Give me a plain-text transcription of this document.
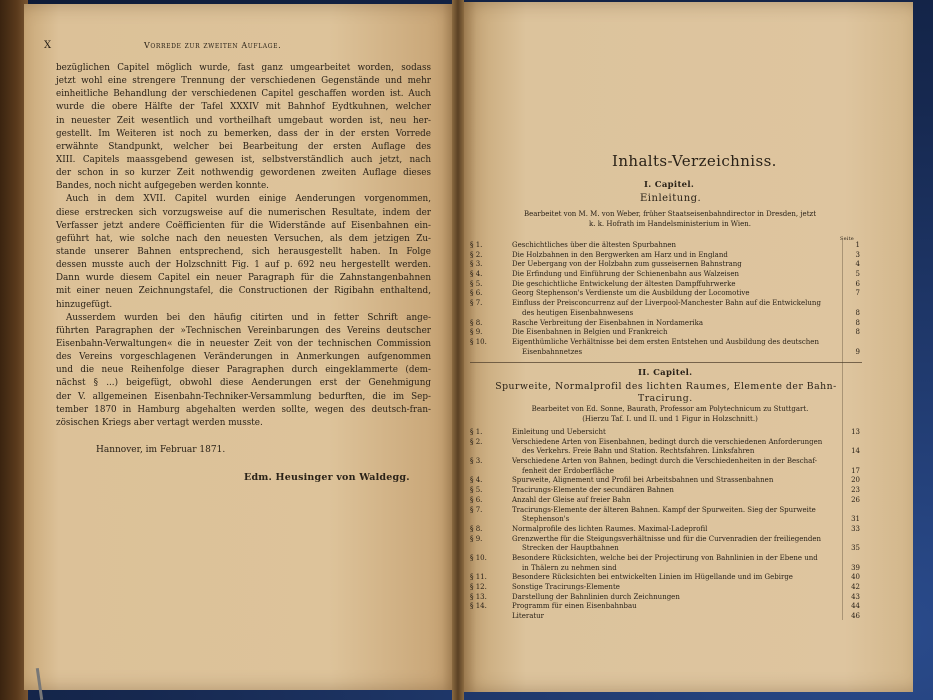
X	Vorrede zur zweiten Auflage.
bezüglichen Capitel möglich wurde, fast ganz umgearbeitet worden, sodass
jetzt wohl eine strengere Trennung der verschiedenen Gegenstände und mehr
einheitliche Behandlung der verschiedenen Capitel geschaffen worden ist. Auch
wurde die obere Hälfte der Tafel XXXIV mit Bahnhof Eydtkuhnen, welcher
in neuester Zeit wesentlich und vortheilhaft umgebaut worden ist, neu her-
gestellt. Im Weiteren ist noch zu bemerken, dass der in der ersten Vorrede
erwähnte Standpunkt, welcher bei Bearbeitung der ersten Auflage des
XIII. Capitels maassgebend gewesen ist, selbstverständlich auch jetzt, nach
der schon in so kurzer Zeit nothwendig gewordenen zweiten Auflage dieses
Bandes, noch nicht aufgegeben werden konnte.
Auch in dem XVII. Capitel wurden einige Aenderungen vorgenommen,
diese erstrecken sich vorzugsweise auf die numerischen Resultate, indem der
Verfasser jetzt andere Coëfficienten für die Widerstände auf Eisenbahnen ein-
geführt hat, wie solche nach den neuesten Versuchen, als dem jetzigen Zu-
stande unserer Bahnen entsprechend, sich herausgestellt haben. In Folge
dessen musste auch der Holzschnitt Fig. 1 auf p. 692 neu hergestellt werden.
Dann wurde diesem Capitel ein neuer Paragraph für die Zahnstangenbahnen
mit einer neuen Zeichnungstafel, die Constructionen der Rigibahn enthaltend,
hinzugefügt.
Ausserdem wurden bei den häufig citirten und in fetter Schrift ange-
führten Paragraphen der »Technischen Vereinbarungen des Vereins deutscher
Eisenbahn-Verwaltungen« die in neuester Zeit von der technischen Commission
des Vereins vorgeschlagenen Veränderungen in Anmerkungen aufgenommen
und die neue Reihenfolge dieser Paragraphen durch eingeklammerte (dem-
nächst § ...) beigefügt, obwohl diese Aenderungen erst der Genehmigung
der V. allgemeinen Eisenbahn-Techniker-Versammlung bedurften, die im Sep-
tember 1870 in Hamburg abgehalten werden sollte, wegen des deutsch-fran-
zösischen Kriegs aber vertagt werden musste.
Hannover, im Februar 1871.
Edm. Heusinger von Waldegg.
Inhalts-Verzeichniss.
I. Capitel.
Einleitung.
Bearbeitet von M. M. von Weber, früher Staatseisenbahndirector in Dresden, jetzt
k. k. Hofrath im Handelsministerium in Wien.
Seite
§ 1.	Geschichtliches über die ältesten Spurbahnen	1
§ 2.	Die Holzbahnen in den Bergwerken am Harz und in England	3
§ 3.	Der Uebergang von der Holzbahn zum gusseisernen Bahnstrang	4
§ 4.	Die Erfindung und Einführung der Schienenbahn aus Walzeisen	5
§ 5.	Die geschichtliche Entwickelung der ältesten Dampffuhrwerke	6
§ 6.	Georg Stephenson's Verdienste um die Ausbildung der Locomotive	7
§ 7.	Einfluss der Preisconcurrenz auf der Liverpool-Manchester Bahn auf die Entwickelung
des heutigen Eisenbahnwesens	8
§ 8.	Rasche Verbreitung der Eisenbahnen in Nordamerika	8
§ 9.	Die Eisenbahnen in Belgien und Frankreich	8
§ 10.	Eigenthümliche Verhältnisse bei dem ersten Entstehen und Ausbildung des deutschen
Eisenbahnnetzes	9
II. Capitel.
Spurweite, Normalprofil des lichten Raumes, Elemente der Bahn-
Tracirung.
Bearbeitet von Ed. Sonne, Baurath, Professor am Polytechnicum zu Stuttgart.
(Hierzu Taf. I. und II. und 1 Figur in Holzschnitt.)
§ 1.	Einleitung und Uebersicht	13
§ 2.	Verschiedene Arten von Eisenbahnen, bedingt durch die verschiedenen Anforderungen
des Verkehrs. Freie Bahn und Station. Rechtsfahren. Linksfahren	14
§ 3.	Verschiedene Arten von Bahnen, bedingt durch die Verschiedenheiten in der Beschaf-
fenheit der Erdoberfläche	17
§ 4.	Spurweite, Alignement und Profil bei Arbeitsbahnen und Strassenbahnen	20
§ 5.	Tracirungs-Elemente der secundären Bahnen	23
§ 6.	Anzahl der Gleise auf freier Bahn	26
§ 7.	Tracirungs-Elemente der älteren Bahnen. Kampf der Spurweiten. Sieg der Spurweite
Stephenson's	31
§ 8.	Normalprofile des lichten Raumes. Maximal-Ladeprofil	33
§ 9.	Grenzwerthe für die Steigungsverhältnisse und für die Curvenradien der freiliegenden
Strecken der Hauptbahnen	35
§ 10.	Besondere Rücksichten, welche bei der Projectirung von Bahnlinien in der Ebene und
in Thälern zu nehmen sind	39
§ 11.	Besondere Rücksichten bei entwickelten Linien im Hügellande und im Gebirge	40
§ 12.	Sonstige Tracirungs-Elemente	42
§ 13.	Darstellung der Bahnlinien durch Zeichnungen	43
§ 14.	Programm für einen Eisenbahnbau	44
Literatur	46
